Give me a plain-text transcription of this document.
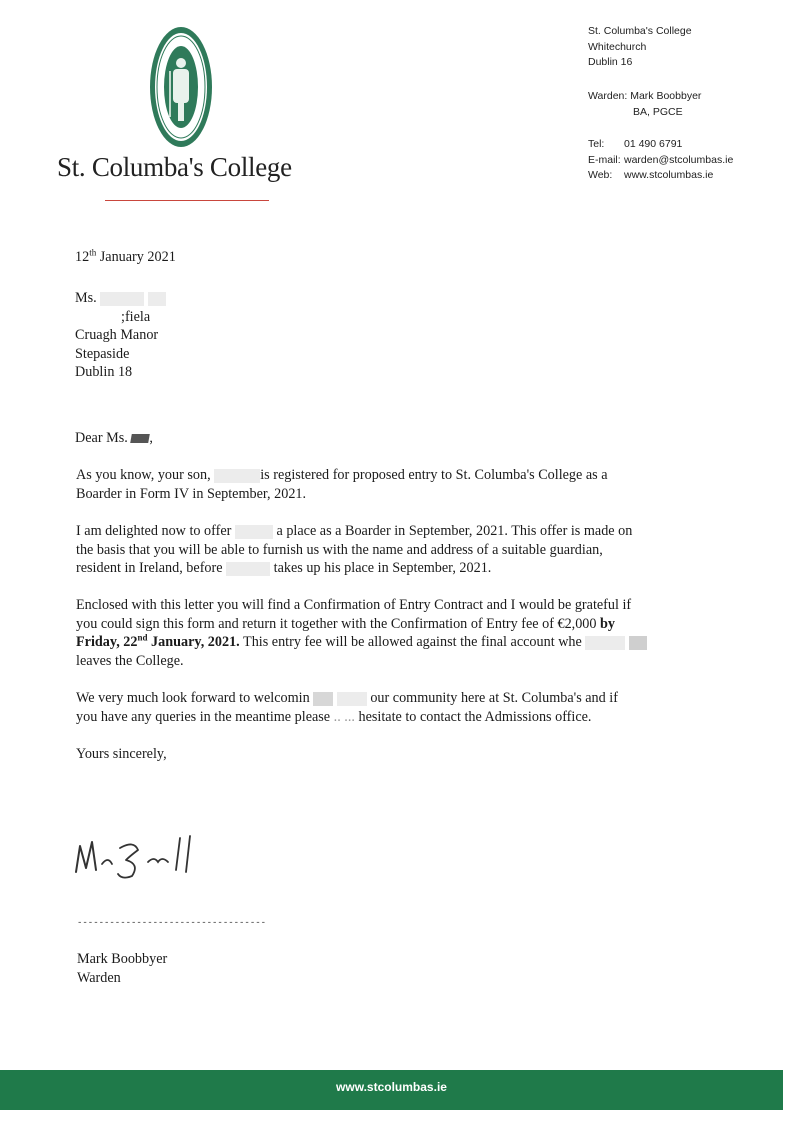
St. Columba's College
St. Columba's College
Whitechurch
Dublin 16
Warden: Mark Boobbyer
BA, PGCE
Tel: 01 490 6791
E-mail: warden@stcolumbas.ie
Web: www.stcolumbas.ie
12th January 2021
Ms.
;fiela
Cruagh Manor
Stepaside
Dublin 18
Dear Ms. ,
As you know, your son,	is registered for proposed entry to St. Columba's College as a
Boarder in Form IV in September, 2021.
I am delighted now to offer	a place as a Boarder in September, 2021. This offer is made on
the basis that you will be able to furnish us with the name and address of a suitable guardian,
resident in Ireland, before	takes up his place in September, 2021.
Enclosed with this letter you will find a Confirmation of Entry Contract and I would be grateful if
you could sign this form and return it together with the Confirmation of Entry fee of €2,000 by
Friday, 22nd January, 2021. This entry fee will be allowed against the final account whe
leaves the College.
We very much look forward to welcomin	our community here at St. Columba's and if
you have any queries in the meantime please .. ... hesitate to contact the Admissions office.
Yours sincerely,
-----------------------------------
Mark Boobbyer
Warden
www.stcolumbas.ie
